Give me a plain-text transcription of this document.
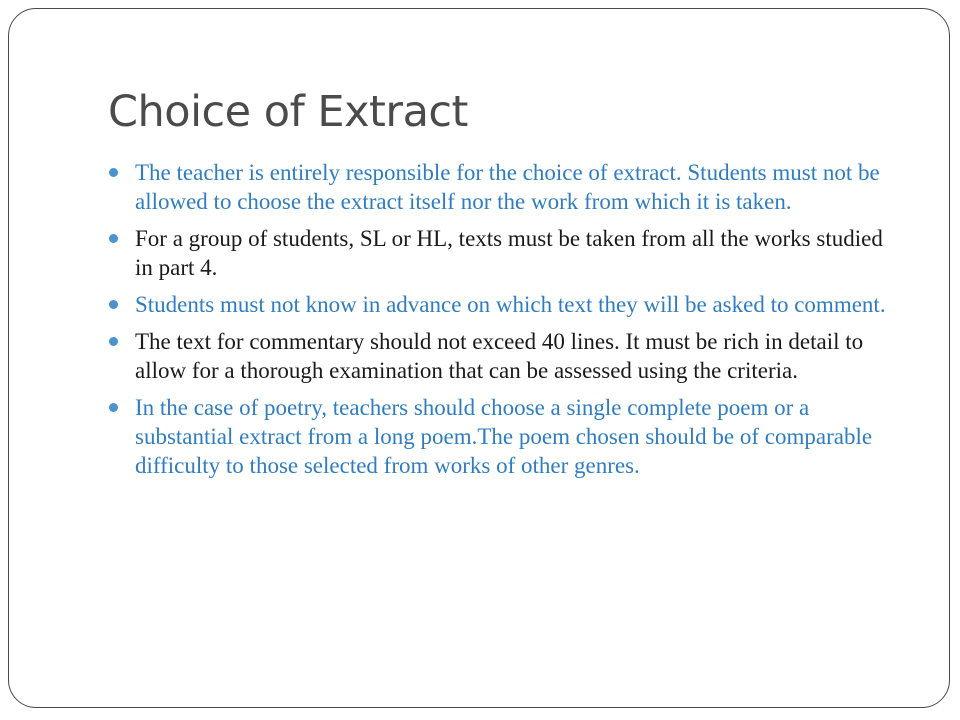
Choice of Extract
The teacher is entirely responsible for the choice of extract. Students must not be allowed to choose the extract itself nor the work from which it is taken.
For a group of students, SL or HL, texts must be taken from all the works studied in part 4.
Students must not know in advance on which text they will be asked to comment.
The text for commentary should not exceed 40 lines. It must be rich in detail to allow for a thorough examination that can be assessed using the criteria.
In the case of poetry, teachers should choose a single complete poem or a substantial extract from a long poem.The poem chosen should be of comparable difficulty to those selected from works of other genres.
